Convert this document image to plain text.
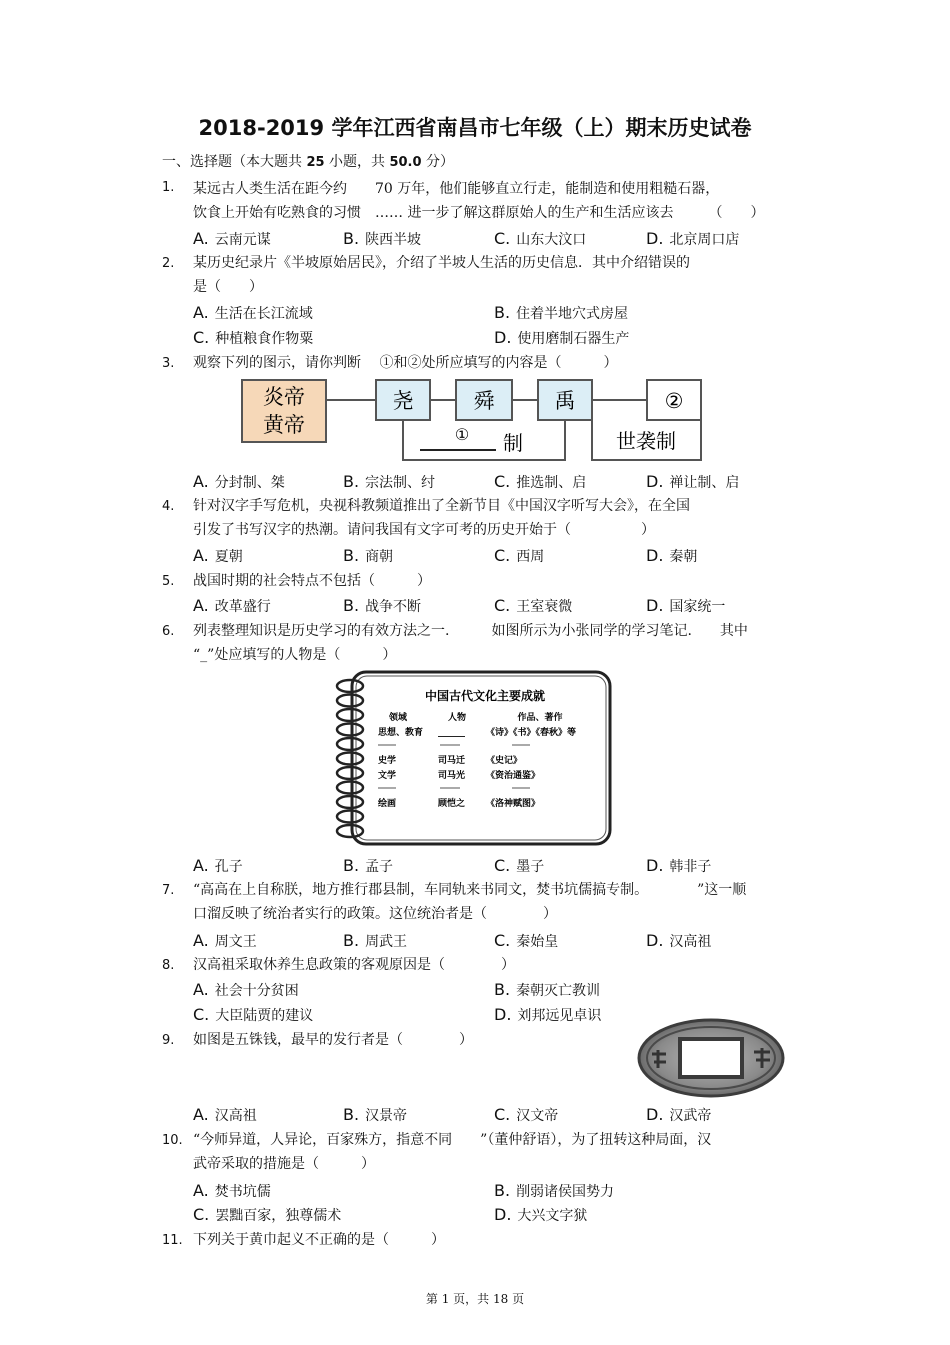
2018-2019 学年江西省南昌市七年级（上）期末历史试卷
一、选择题（本大题共 25 小题，共 50.0 分）
1. 某远古人类生活在距今约　　70 万年，他们能够直立行走，能制造和使用粗糙石器，
饮食上开始有吃熟食的习惯　…… 进一步了解这群原始人的生产和生活应该去　　　（　　）
A. 云南元谋	B. 陕西半坡	C. 山东大汶口	D. 北京周口店
2. 某历史纪录片《半坡原始居民》，介绍了半坡人生活的历史信息．其中介绍错误的
是（　　）
A. 生活在长江流域	B. 住着半地穴式房屋
C. 种植粮食作物粟	D. 使用磨制石器生产
3. 观察下列的图示，请你判断　 ①和②处所应填写的内容是（　　　）
炎帝
黄帝
尧	舜	禹	②
① 制	世袭制
A. 分封制、桀	B. 宗法制、纣	C. 推选制、启	D. 禅让制、启
4. 针对汉字手写危机，央视科教频道推出了全新节目《中国汉字听写大会》，在全国
引发了书写汉字的热潮。请问我国有文字可考的历史开始于（　　　　　）
A. 夏朝	B. 商朝	C. 西周	D. 秦朝
5. 战国时期的社会特点不包括（　　　）
A. 改革盛行	B. 战争不断	C. 王室衰微	D. 国家统一
6. 列表整理知识是历史学习的有效方法之一.　　　如图所示为小张同学的学习笔记.　　其中
“_”处应填写的人物是（　　　）
中国古代文化主要成就
领域	人物	作品、著作
思想、教育 ______ 《诗》《书》《春秋》等
史学	司马迁 《史记》
文学	司马光 《资治通鉴》
绘画	顾恺之 《洛神赋图》
A. 孔子	B. 孟子	C. 墨子	D. 韩非子
7. “高高在上自称朕，地方推行郡县制，车同轨来书同文，焚书坑儒搞专制。　　　　”这一顺
口溜反映了统治者实行的政策。这位统治者是（　　　　）
A. 周文王	B. 周武王	C. 秦始皇	D. 汉高祖
8. 汉高祖采取休养生息政策的客观原因是（　　　　）
A. 社会十分贫困	B. 秦朝灭亡教训
C. 大臣陆贾的建议	D. 刘邦远见卓识
9. 如图是五铢钱，最早的发行者是（　　　　）
A. 汉高祖	B. 汉景帝	C. 汉文帝	D. 汉武帝
10. “今师异道，人异论，百家殊方，指意不同　　”（董仲舒语），为了扭转这种局面，汉
武帝采取的措施是（　　　）
A. 焚书坑儒	B. 削弱诸侯国势力
C. 罢黜百家，独尊儒术	D. 大兴文字狱
11. 下列关于黄巾起义不正确的是（　　　）
第 1 页，共 18 页
